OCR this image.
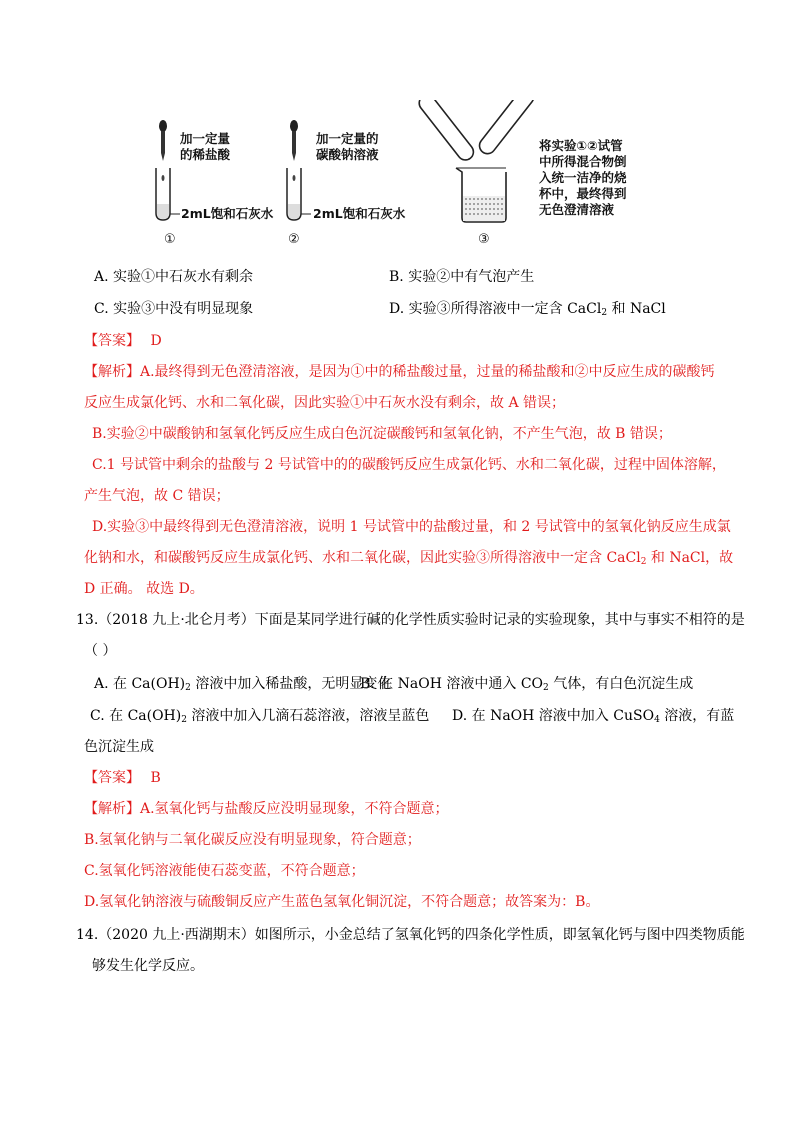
加一定量
的稀盐酸
2mL饱和石灰水
①
加一定量的
碳酸钠溶液
2mL饱和石灰水
②
将实验①②试管
中所得混合物倒
入统一洁净的烧
杯中，最终得到
无色澄清溶液
③
A. 实验①中石灰水有剩余	B. 实验②中有气泡产生
C. 实验③中没有明显现象	D. 实验③所得溶液中一定含 CaCl$_2$ 和 NaCl
【答案】 D
【解析】A.最终得到无色澄清溶液，是因为①中的稀盐酸过量，过量的稀盐酸和②中反应生成的碳酸钙
反应生成氯化钙、水和二氧化碳，因此实验①中石灰水没有剩余，故 A 错误；
B.实验②中碳酸钠和氢氧化钙反应生成白色沉淀碳酸钙和氢氧化钠，不产生气泡，故 B 错误；
C.1 号试管中剩余的盐酸与 2 号试管中的的碳酸钙反应生成氯化钙、水和二氧化碳，过程中固体溶解，
产生气泡，故 C 错误；
D.实验③中最终得到无色澄清溶液，说明 1 号试管中的盐酸过量，和 2 号试管中的氢氧化钠反应生成氯
化钠和水，和碳酸钙反应生成氯化钙、水和二氧化碳，因此实验③所得溶液中一定含 CaCl$_2$ 和 NaCl，故
D 正确。 故选 D。
13.（2018 九上·北仑月考）下面是某同学进行碱的化学性质实验时记录的实验现象，其中与事实不相符的是
（ ）
A. 在 $Ca(OH)_2$ 溶液中加入稀盐酸，无明显变化
B. 在 NaOH 溶液中通入 $CO_2$ 气体，有白色沉淀生成
C. 在 $Ca(OH)_2$ 溶液中加入几滴石蕊溶液，溶液呈蓝色 D. 在 NaOH 溶液中加入 CuSO$_4$ 溶液，有蓝
色沉淀生成
【答案】 B
【解析】A.氢氧化钙与盐酸反应没明显现象，不符合题意；
B.氢氧化钠与二氧化碳反应没有明显现象，符合题意；
C.氢氧化钙溶液能使石蕊变蓝，不符合题意；
D.氢氧化钠溶液与硫酸铜反应产生蓝色氢氧化铜沉淀，不符合题意；故答案为：B。
14.（2020 九上·西湖期末）如图所示，小金总结了氢氧化钙的四条化学性质，即氢氧化钙与图中四类物质能
够发生化学反应。
